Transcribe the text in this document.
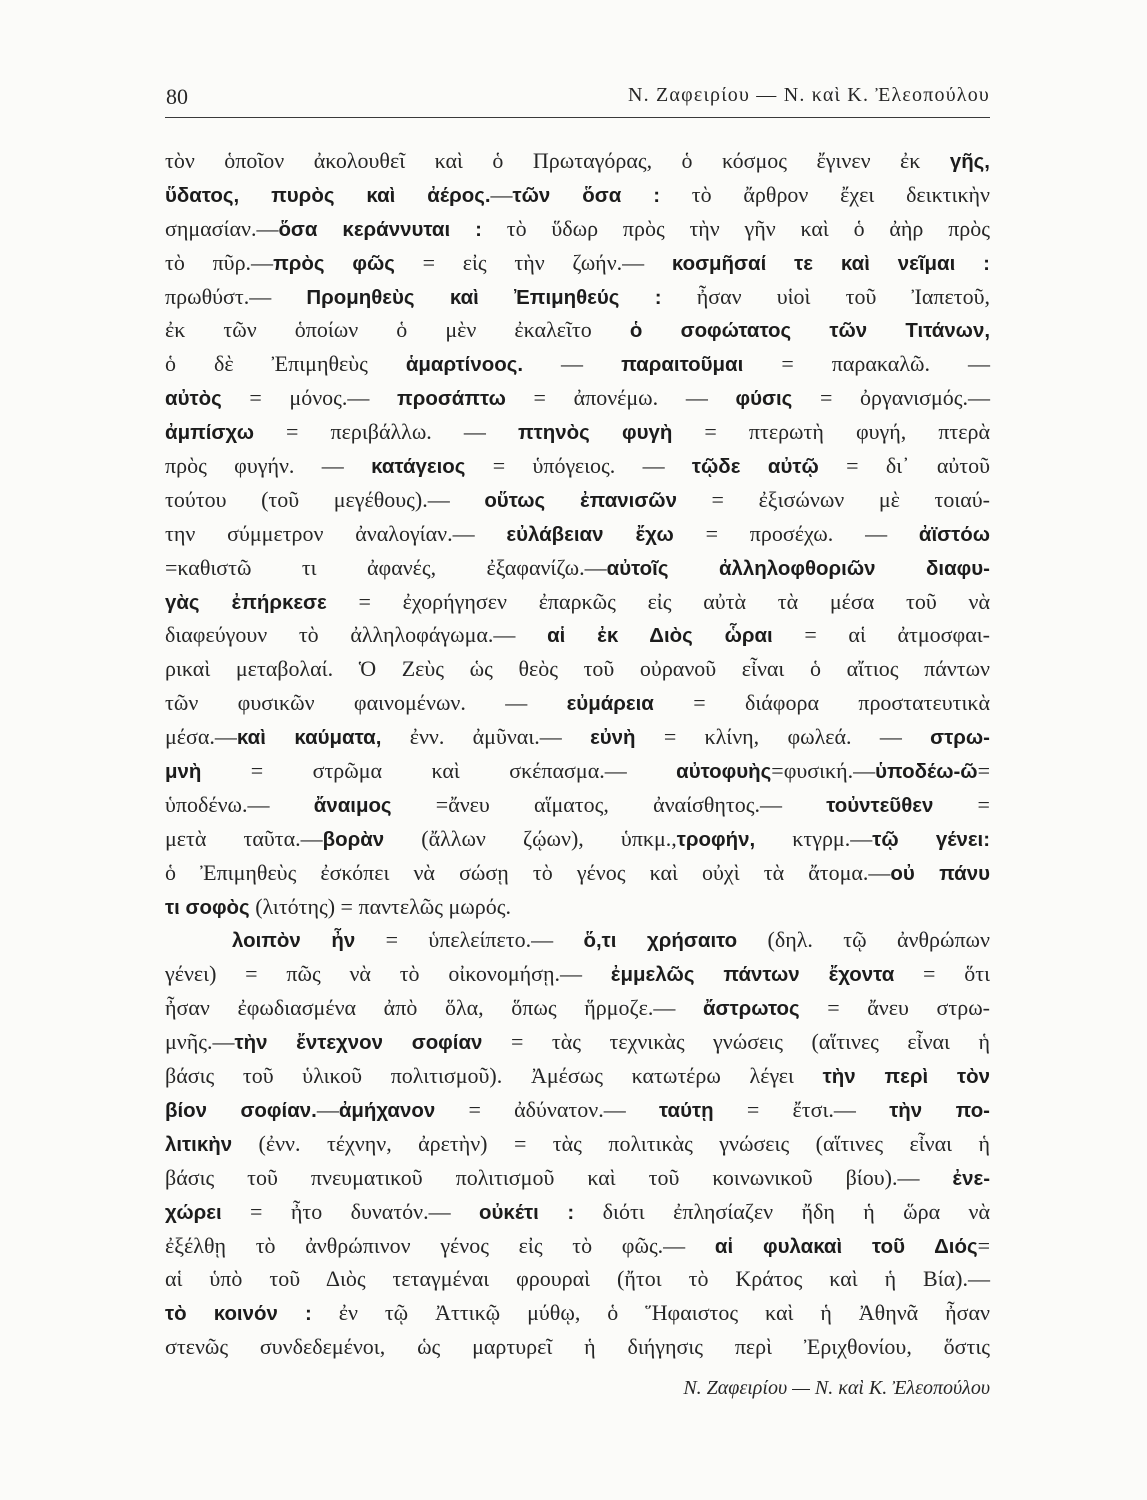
80	Ν. Ζαφειρίου — Ν. καὶ Κ. Ἐλεοπούλου
τὸν ὁποῖον ἀκολουθεῖ καὶ ὁ Πρωταγόρας, ὁ κόσμος ἔγινεν ἐκ γῆς,
ὕδατος, πυρὸς καὶ ἀέρος.—τῶν ὅσα : τὸ ἄρθρον ἔχει δεικτικὴν
σημασίαν.—ὅσα κεράννυται : τὸ ὕδωρ πρὸς τὴν γῆν καὶ ὁ ἀὴρ πρὸς
τὸ πῦρ.—πρὸς φῶς = εἰς τὴν ζωήν.— κοσμῆσαί τε καὶ νεῖμαι :
πρωθύστ.— Προμηθεὺς καὶ Ἐπιμηθεύς : ἦσαν υἱοὶ τοῦ Ἰαπετοῦ,
ἐκ τῶν ὁποίων ὁ μὲν ἐκαλεῖτο ὁ σοφώτατος τῶν Τιτάνων,
ὁ δὲ Ἐπιμηθεὺς ἁμαρτίνοος. — παραιτοῦμαι = παρακαλῶ. —
αὐτὸς = μόνος.— προσάπτω = ἀπονέμω. — φύσις = ὀργανισμός.—
ἀμπίσχω = περιβάλλω. — πτηνὸς φυγὴ = πτερωτὴ φυγή, πτερὰ
πρὸς φυγήν. — κατάγειος = ὑπόγειος. — τῷδε αὐτῷ = δι᾽ αὐτοῦ
τούτου (τοῦ μεγέθους).— οὕτως ἐπανισῶν = ἐξισώνων μὲ τοιαύ-
την σύμμετρον ἀναλογίαν.— εὐλάβειαν ἔχω = προσέχω. — ἀϊστόω
=καθιστῶ τι ἀφανές, ἐξαφανίζω.—αὐτοῖς ἀλληλοφθοριῶν διαφυ-
γὰς ἐπήρκεσε = ἐχορήγησεν ἐπαρκῶς εἰς αὐτὰ τὰ μέσα τοῦ νὰ
διαφεύγουν τὸ ἀλληλοφάγωμα.— αἱ ἐκ Διὸς ὧραι = αἱ ἀτμοσφαι-
ρικαὶ μεταβολαί. Ὁ Ζεὺς ὡς θεὸς τοῦ οὐρανοῦ εἶναι ὁ αἴτιος πάντων
τῶν φυσικῶν φαινομένων. — εὐμάρεια = διάφορα προστατευτικὰ
μέσα.—καὶ καύματα, ἐνν. ἀμῦναι.— εὐνὴ = κλίνη, φωλεά. — στρω-
μνὴ = στρῶμα καὶ σκέπασμα.— αὐτοφυὴς=φυσική.—ὑποδέω-ῶ=
ὑποδένω.— ἄναιμος =ἄνευ αἵματος, ἀναίσθητος.— τοὐντεῦθεν =
μετὰ ταῦτα.—βορὰν (ἄλλων ζῴων), ὑπκμ.,τροφήν, κτγρμ.—τῷ γένει:
ὁ Ἐπιμηθεὺς ἐσκόπει νὰ σώσῃ τὸ γένος καὶ οὐχὶ τὰ ἄτομα.—οὐ πάνυ
τι σοφὸς (λιτότης) = παντελῶς μωρός.
λοιπὸν ἦν = ὑπελείπετο.— ὅ,τι χρήσαιτο (δηλ. τῷ ἀνθρώπων
γένει) = πῶς νὰ τὸ οἰκονομήσῃ.— ἐμμελῶς πάντων ἔχοντα = ὅτι
ἦσαν ἐφωδιασμένα ἀπὸ ὅλα, ὅπως ἥρμοζε.— ἄστρωτος = ἄνευ στρω-
μνῆς.—τὴν ἔντεχνον σοφίαν = τὰς τεχνικὰς γνώσεις (αἵτινες εἶναι ἡ
βάσις τοῦ ὑλικοῦ πολιτισμοῦ). Ἀμέσως κατωτέρω λέγει τὴν περὶ τὸν
βίον σοφίαν.—ἀμήχανον = ἀδύνατον.— ταύτῃ = ἔτσι.— τὴν πο-
λιτικὴν (ἐνν. τέχνην, ἀρετὴν) = τὰς πολιτικὰς γνώσεις (αἵτινες εἶναι ἡ
βάσις τοῦ πνευματικοῦ πολιτισμοῦ καὶ τοῦ κοινωνικοῦ βίου).— ἐνε-
χώρει = ἦτο δυνατόν.— οὐκέτι : διότι ἐπλησίαζεν ἤδη ἡ ὥρα νὰ
ἐξέλθῃ τὸ ἀνθρώπινον γένος εἰς τὸ φῶς.— αἱ φυλακαὶ τοῦ Διός=
αἱ ὑπὸ τοῦ Διὸς τεταγμέναι φρουραὶ (ἤτοι τὸ Κράτος καὶ ἡ Βία).—
τὸ κοινόν : ἐν τῷ Ἀττικῷ μύθῳ, ὁ Ἥφαιστος καὶ ἡ Ἀθηνᾶ ἦσαν
στενῶς συνδεδεμένοι, ὡς μαρτυρεῖ ἡ διήγησις περὶ Ἐριχθονίου, ὅστις
Ν. Ζαφειρίου — Ν. καὶ Κ. Ἐλεοπούλου
